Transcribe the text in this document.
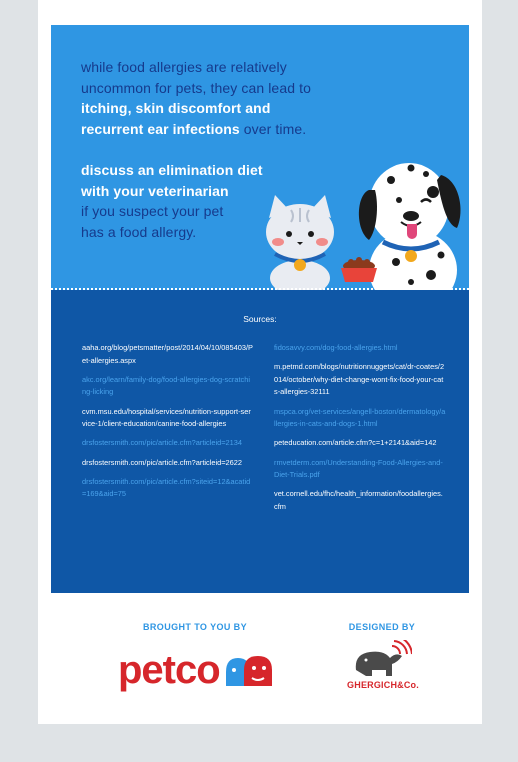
while food allergies are relatively

uncommon for pets, they can lead to

itching, skin discomfort and

recurrent ear infections over time.

discuss an elimination diet

with your veterinarian

if you suspect your pet

has a food allergy.

Sources:

aaha.org/blog/petsmatter/post/2014/04/10/085403/Pet-allergies.aspx

akc.org/learn/family-dog/food-allergies-dog-scratching-licking

cvm.msu.edu/hospital/services/nutrition-support-service-1/client-education/canine-food-allergies

drsfostersmith.com/pic/article.cfm?articleid=2134

drsfostersmith.com/pic/article.cfm?articleid=2622

drsfostersmith.com/pic/article.cfm?siteid=12&acatid=169&aid=75

fidosavvy.com/dog-food-allergies.html

m.petmd.com/blogs/nutritionnuggets/cat/dr-coates/2014/october/why-diet-change-wont-fix-food-your-cats-allergies-32111

mspca.org/vet-services/angell-boston/dermatology/allergies-in-cats-and-dogs-1.html

peteducation.com/article.cfm?c=1+2141&aid=142

rmvetderm.com/Understanding-Food-Allergies-and-Diet-Trials.pdf

vet.cornell.edu/fhc/health_information/foodallergies.cfm

BROUGHT TO YOU BY	DESIGNED BY
petco	GHERGICH&Co.
